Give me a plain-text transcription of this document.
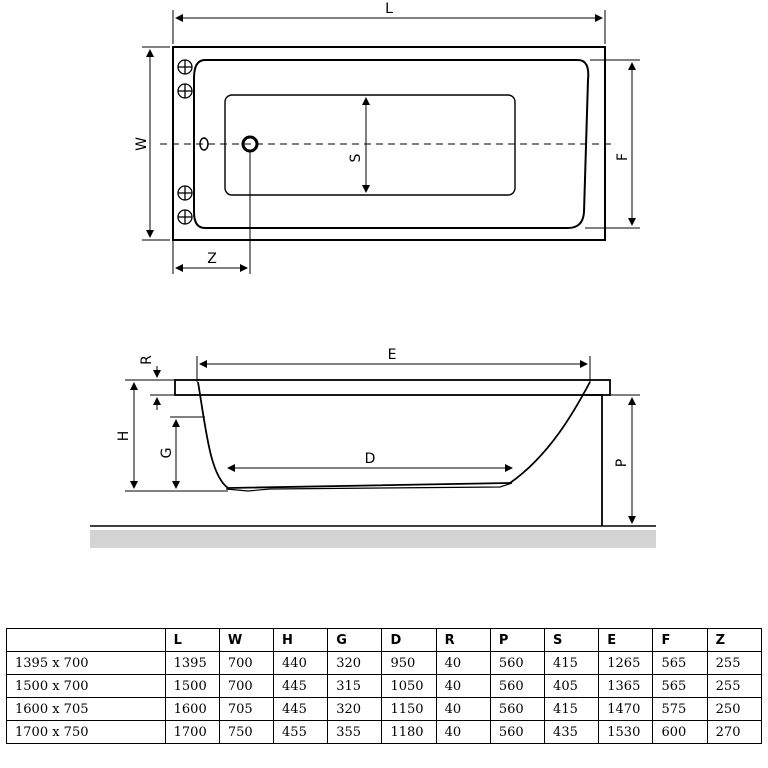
L
W
S	F
Z
E
R
H
G	D	P
	L	W	H	G	D	R	P	S	E	F	Z
1395 x 700	1395	700	440	320	950	40	560	415	1265	565	255
1500 x 700	1500	700	445	315	1050	40	560	405	1365	565	255
1600 x 705	1600	705	445	320	1150	40	560	415	1470	575	250
1700 x 750	1700	750	455	355	1180	40	560	435	1530	600	270
